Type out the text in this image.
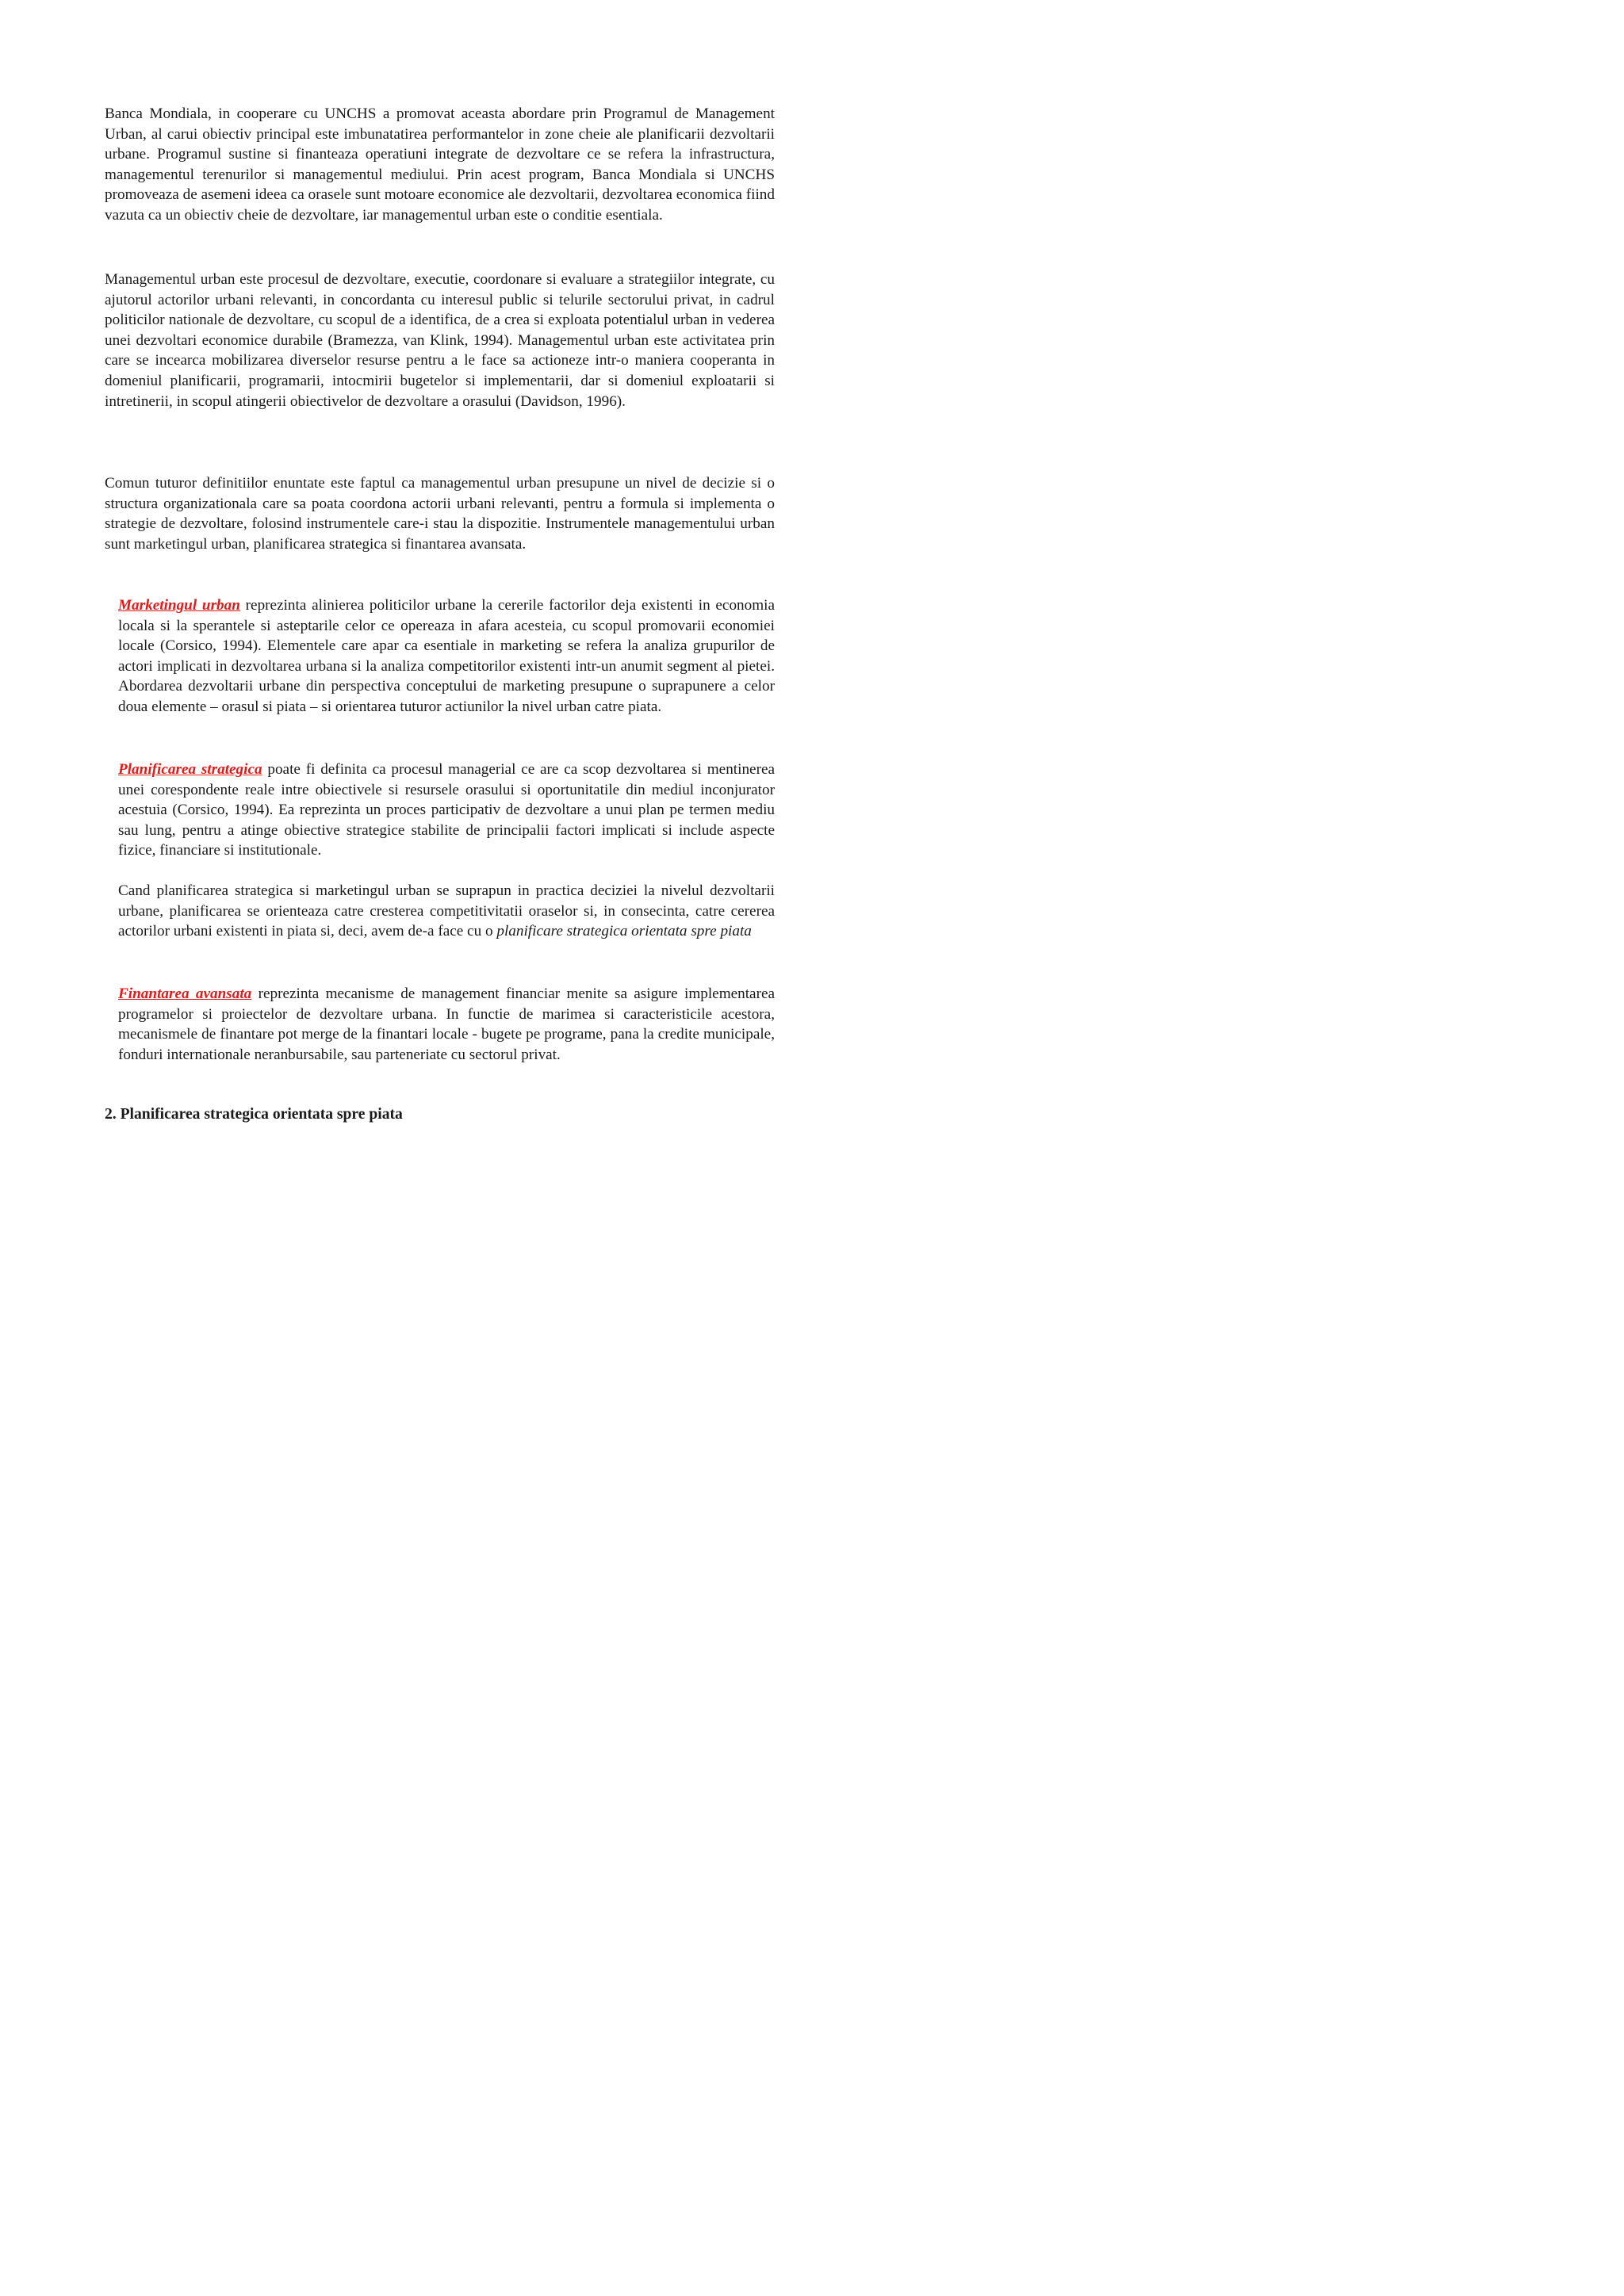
Banca Mondiala, in cooperare cu UNCHS a promovat aceasta abordare prin Programul de Management Urban, al carui obiectiv principal este imbunatatirea performantelor in zone cheie ale planificarii dezvoltarii urbane. Programul sustine si finanteaza operatiuni integrate de dezvoltare ce se refera la infrastructura, managementul terenurilor si managementul mediului. Prin acest program, Banca Mondiala si UNCHS promoveaza de asemeni ideea ca orasele sunt motoare economice ale dezvoltarii, dezvoltarea economica fiind vazuta ca un obiectiv cheie de dezvoltare, iar managementul urban este o conditie esentiala.

Managementul urban este procesul de dezvoltare, executie, coordonare si evaluare a strategiilor integrate, cu ajutorul actorilor urbani relevanti, in concordanta cu interesul public si telurile sectorului privat, in cadrul politicilor nationale de dezvoltare, cu scopul de a identifica, de a crea si exploata potentialul urban in vederea unei dezvoltari economice durabile (Bramezza, van Klink, 1994). Managementul urban este activitatea prin care se incearca mobilizarea diverselor resurse pentru a le face sa actioneze intr-o maniera cooperanta in domeniul planificarii, programarii, intocmirii bugetelor si implementarii, dar si domeniul exploatarii si intretinerii, in scopul atingerii obiectivelor de dezvoltare a orasului (Davidson, 1996).

Comun tuturor definitiilor enuntate este faptul ca managementul urban presupune un nivel de decizie si o structura organizationala care sa poata coordona actorii urbani relevanti, pentru a formula si implementa o strategie de dezvoltare, folosind instrumentele care-i stau la dispozitie. Instrumentele managementului urban sunt marketingul urban, planificarea strategica si finantarea avansata.

Marketingul urban reprezinta alinierea politicilor urbane la cererile factorilor deja existenti in economia locala si la sperantele si asteptarile celor ce opereaza in afara acesteia, cu scopul promovarii economiei locale (Corsico, 1994). Elementele care apar ca esentiale in marketing se refera la analiza grupurilor de actori implicati in dezvoltarea urbana si la analiza competitorilor existenti intr-un anumit segment al pietei. Abordarea dezvoltarii urbane din perspectiva conceptului de marketing presupune o suprapunere a celor doua elemente – orasul si piata – si orientarea tuturor actiunilor la nivel urban catre piata.

Planificarea strategica poate fi definita ca procesul managerial ce are ca scop dezvoltarea si mentinerea unei corespondente reale intre obiectivele si resursele orasului si oportunitatile din mediul inconjurator acestuia (Corsico, 1994). Ea reprezinta un proces participativ de dezvoltare a unui plan pe termen mediu sau lung, pentru a atinge obiective strategice stabilite de principalii factori implicati si include aspecte fizice, financiare si institutionale.

Cand planificarea strategica si marketingul urban se suprapun in practica deciziei la nivelul dezvoltarii urbane, planificarea se orienteaza catre cresterea competitivitatii oraselor si, in consecinta, catre cererea actorilor urbani existenti in piata si, deci, avem de-a face cu o planificare strategica orientata spre piata

Finantarea avansata reprezinta mecanisme de management financiar menite sa asigure implementarea programelor si proiectelor de dezvoltare urbana. In functie de marimea si caracteristicile acestora, mecanismele de finantare pot merge de la finantari locale - bugete pe programe, pana la credite municipale, fonduri internationale neranbursabile, sau parteneriate cu sectorul privat.

2. Planificarea strategica orientata spre piata
